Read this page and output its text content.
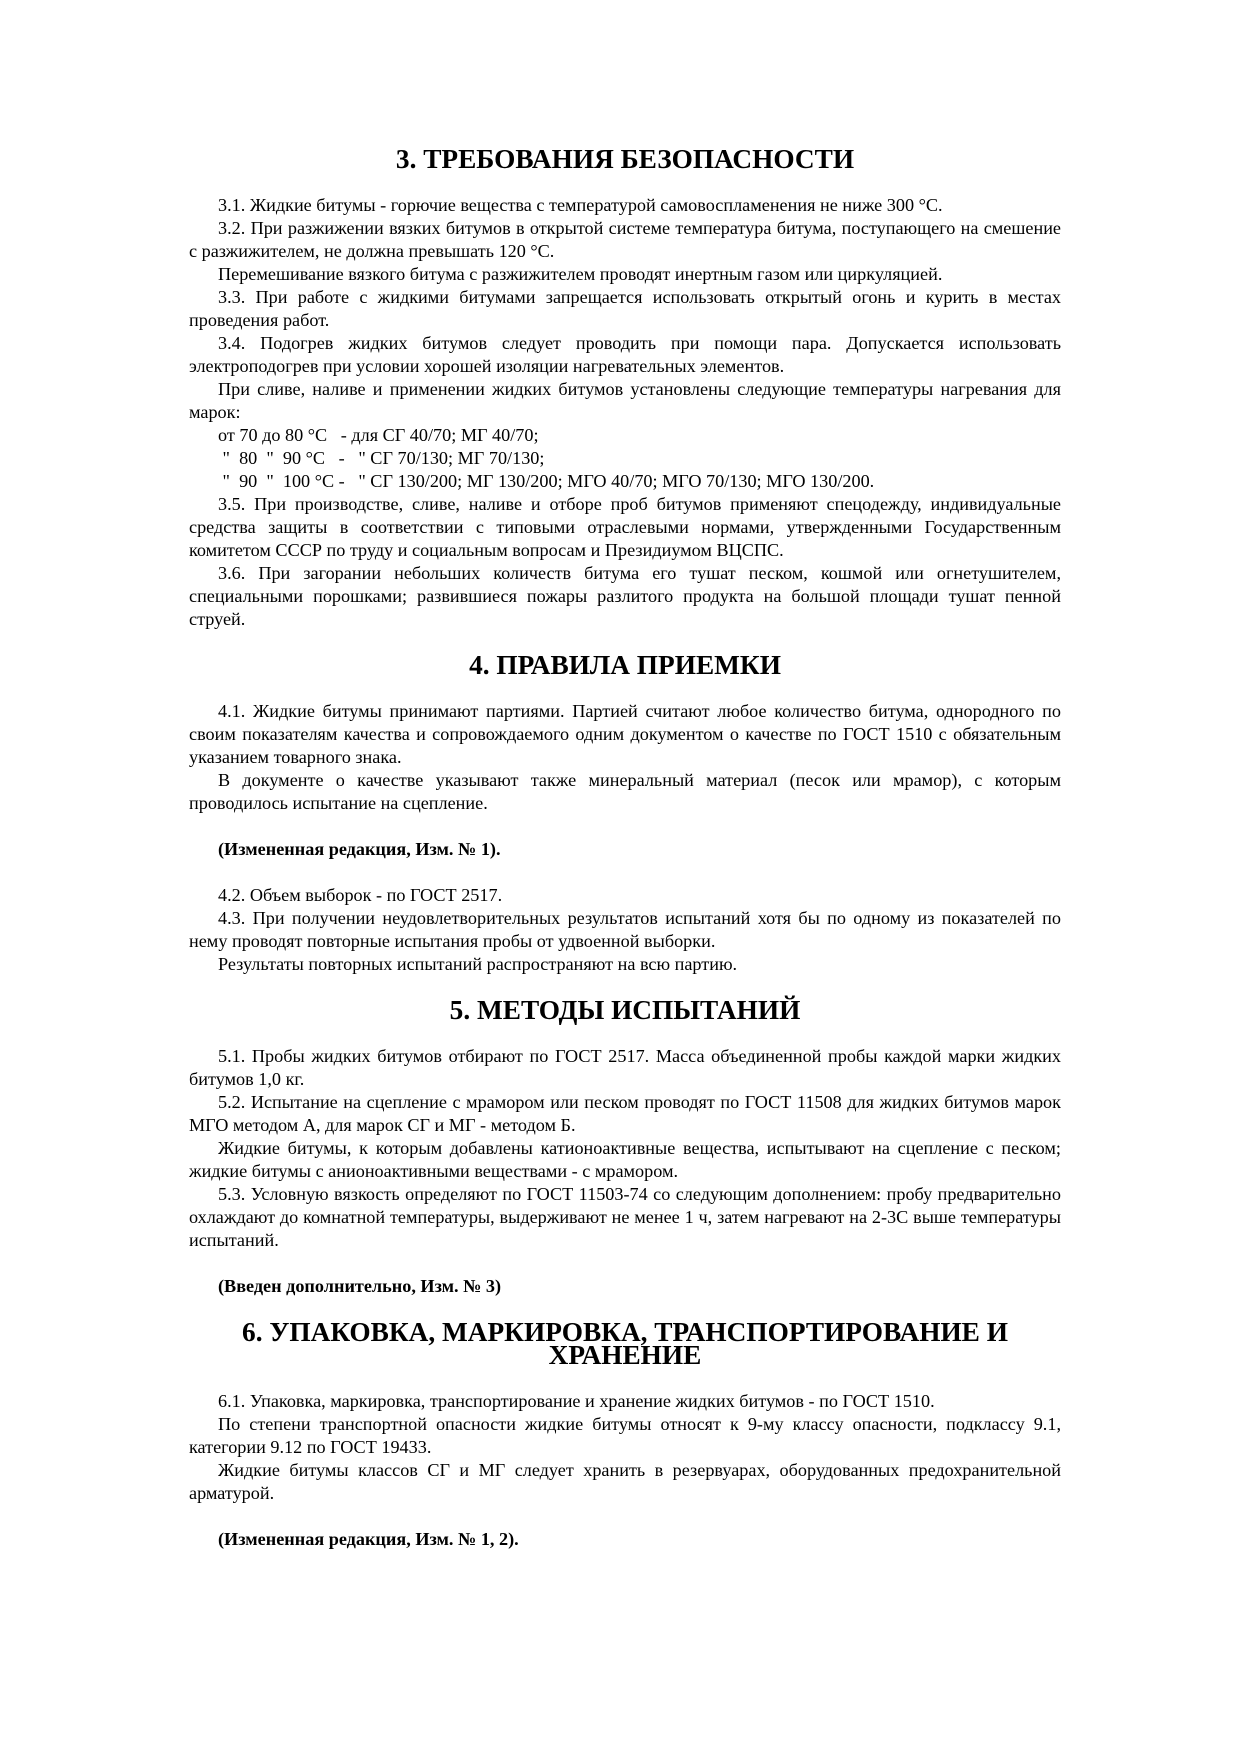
3. ТРЕБОВАНИЯ БЕЗОПАСНОСТИ

3.1. Жидкие битумы - горючие вещества с температурой самовоспламенения не ниже 300 °С.

3.2. При разжижении вязких битумов в открытой системе температура битума, поступающего на смешение с разжижителем, не должна превышать 120 °С.

Перемешивание вязкого битума с разжижителем проводят инертным газом или циркуляцией.

3.3. При работе с жидкими битумами запрещается использовать открытый огонь и курить в местах проведения работ.

3.4. Подогрев жидких битумов следует проводить при помощи пара. Допускается использовать электроподогрев при условии хорошей изоляции нагревательных элементов.

При сливе, наливе и применении жидких битумов установлены следующие температуры нагревания для марок:

от 70 до 80 °С   - для СГ 40/70; МГ 40/70;

"  80  "  90 °С   -   " СГ 70/130; МГ 70/130;

"  90  "  100 °С -   " СГ 130/200; МГ 130/200; МГО 40/70; МГО 70/130; МГО 130/200.

3.5. При производстве, сливе, наливе и отборе проб битумов применяют спецодежду, индивидуальные средства защиты в соответствии с типовыми отраслевыми нормами, утвержденными Государственным комитетом СССР по труду и социальным вопросам и Президиумом ВЦСПС.

3.6. При загорании небольших количеств битума его тушат песком, кошмой или огнетушителем, специальными порошками; развившиеся пожары разлитого продукта на большой площади тушат пенной струей.

4. ПРАВИЛА ПРИЕМКИ

4.1. Жидкие битумы принимают партиями. Партией считают любое количество битума, однородного по своим показателям качества и сопровождаемого одним документом о качестве по ГОСТ 1510 с обязательным указанием товарного знака.

В документе о качестве указывают также минеральный материал (песок или мрамор), с которым проводилось испытание на сцепление.

(Измененная редакция, Изм. № 1).

4.2. Объем выборок - по ГОСТ 2517.

4.3. При получении неудовлетворительных результатов испытаний хотя бы по одному из показателей по нему проводят повторные испытания пробы от удвоенной выборки.

Результаты повторных испытаний распространяют на всю партию.

5. МЕТОДЫ ИСПЫТАНИЙ

5.1. Пробы жидких битумов отбирают по ГОСТ 2517. Масса объединенной пробы каждой марки жидких битумов 1,0 кг.

5.2. Испытание на сцепление с мрамором или песком проводят по ГОСТ 11508 для жидких битумов марок МГО методом А, для марок СГ и МГ - методом Б.

Жидкие битумы, к которым добавлены катионоактивные вещества, испытывают на сцепление с песком; жидкие битумы с анионоактивными веществами - с мрамором.

5.3. Условную вязкость определяют по ГОСТ 11503-74 со следующим дополнением: пробу предварительно охлаждают до комнатной температуры, выдерживают не менее 1 ч, затем нагревают на 2-3С выше температуры испытаний.

(Введен дополнительно, Изм. № 3)

6. УПАКОВКА, МАРКИРОВКА, ТРАНСПОРТИРОВАНИЕ И ХРАНЕНИЕ

6.1. Упаковка, маркировка, транспортирование и хранение жидких битумов - по ГОСТ 1510.

По степени транспортной опасности жидкие битумы относят к 9-му классу опасности, подклассу 9.1, категории 9.12 по ГОСТ 19433.

Жидкие битумы классов СГ и МГ следует хранить в резервуарах, оборудованных предохранительной арматурой.

(Измененная редакция, Изм. № 1, 2).
